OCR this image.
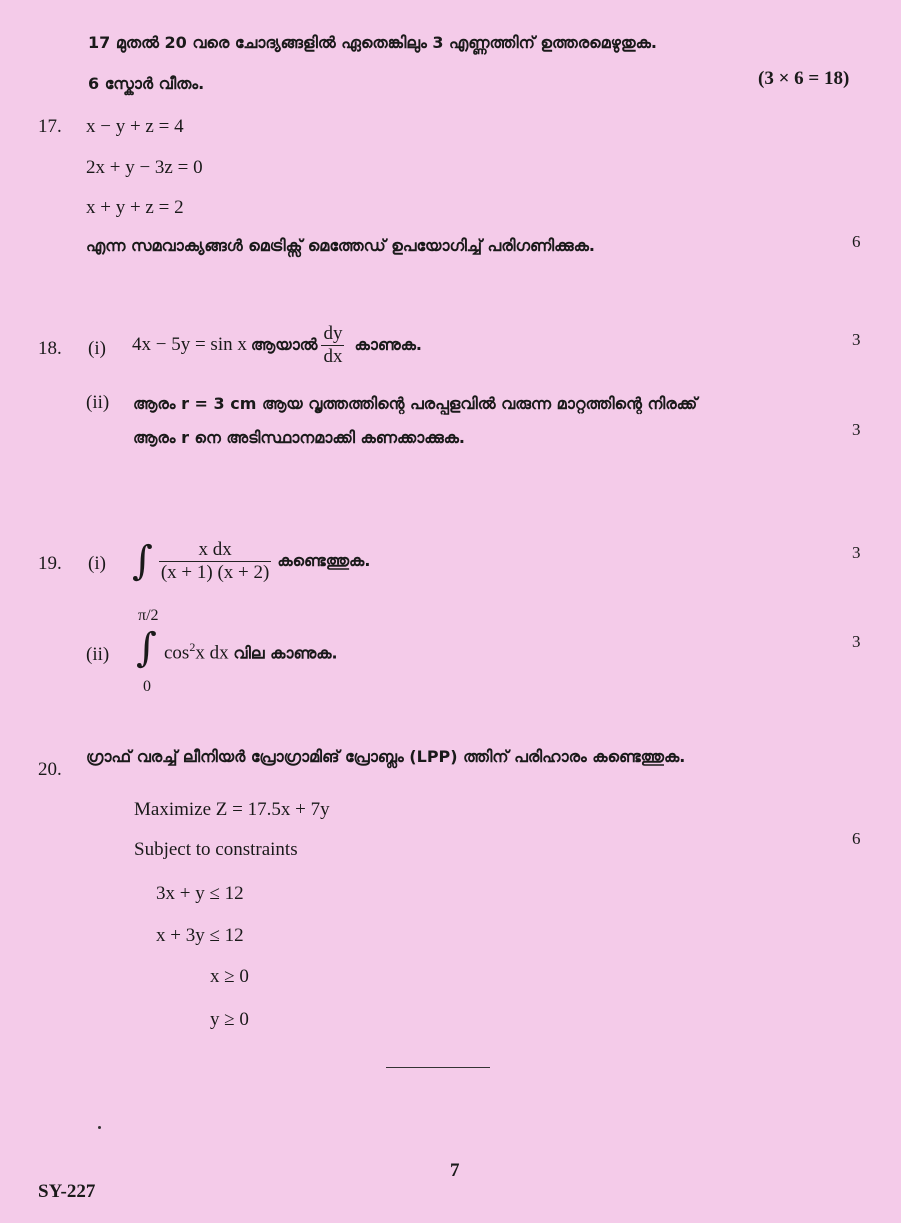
17 മുതൽ 20 വരെ ചോദ്യങ്ങളിൽ ഏതെങ്കിലും 3 എണ്ണത്തിന് ഉത്തരമെഴുതുക.
6 സ്കോർ വീതം.	(3 × 6 = 18)
17. x − y + z = 4
2x + y − 3z = 0
x + y + z = 2
എന്ന സമവാക്യങ്ങൾ മെട്രിക്സ് മെത്തേഡ് ഉപയോഗിച്ച് പരിഗണിക്കുക.	6
18. (i) 4x − 5y = sin x ആയാൽ $\frac{dy}{dx}$ കാണുക.	3
(ii) ആരം r = 3 cm ആയ വൃത്തത്തിന്റെ പരപ്പളവിൽ വരുന്ന മാറ്റത്തിന്റെ നിരക്ക്
ആരം r നെ അടിസ്ഥാനമാക്കി കണക്കാക്കുക.	3
19. (i) ∫ $\frac{\text{x dx}}{(x + 1) (x + 2)}$ കണ്ടെത്തുക.	3
π/2
(ii) ∫ $\cos^2x$ dx വില കാണുക.
0
3
20.
ഗ്രാഫ് വരച്ച് ലീനിയർ പ്രോഗ്രാമിങ് പ്രോബ്ലം (LPP) ത്തിന് പരിഹാരം കണ്ടെത്തുക.
Maximize Z = 17.5x + 7y
Subject to constraints
6
3x + y ≤ 12
x + 3y ≤ 12
x ≥ 0
y ≥ 0
7
SY-227
